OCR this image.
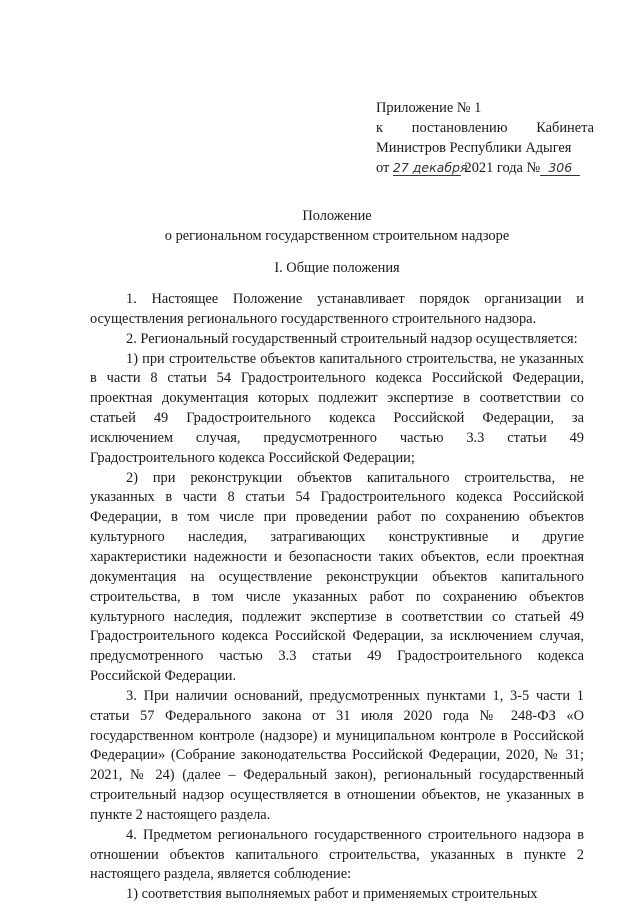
Приложение № 1
к постановлению Кабинета
Министров Республики Адыгея
от 27 декабря 2021 года № 306
Положение
о региональном государственном строительном надзоре
I. Общие положения

1. Настоящее Положение устанавливает порядок организации и осуществления регионального государственного строительного надзора.

2. Региональный государственный строительный надзор осуществляется:

1) при строительстве объектов капитального строительства, не указанных в части 8 статьи 54 Градостроительного кодекса Российской Федерации, проектная документация которых подлежит экспертизе в соответствии со статьей 49 Градостроительного кодекса Российской Федерации, за исключением случая, предусмотренного частью 3.3 статьи 49 Градостроительного кодекса Российской Федерации;

2) при реконструкции объектов капитального строительства, не указанных в части 8 статьи 54 Градостроительного кодекса Российской Федерации, в том числе при проведении работ по сохранению объектов культурного наследия, затрагивающих конструктивные и другие характеристики надежности и безопасности таких объектов, если проектная документация на осуществление реконструкции объектов капитального строительства, в том числе указанных работ по сохранению объектов культурного наследия, подлежит экспертизе в соответствии со статьей 49 Градостроительного кодекса Российской Федерации, за исключением случая, предусмотренного частью 3.3 статьи 49 Градостроительного кодекса Российской Федерации.

3. При наличии оснований, предусмотренных пунктами 1, 3-5 части 1 статьи 57 Федерального закона от 31 июля 2020 года № 248-ФЗ «О государственном контроле (надзоре) и муниципальном контроле в Российской Федерации» (Собрание законодательства Российской Федерации, 2020, № 31; 2021, № 24) (далее – Федеральный закон), региональный государственный строительный надзор осуществляется в отношении объектов, не указанных в пункте 2 настоящего раздела.

4. Предметом регионального государственного строительного надзора в отношении объектов капитального строительства, указанных в пункте 2 настоящего раздела, является соблюдение:

1) соответствия выполняемых работ и применяемых строительных
